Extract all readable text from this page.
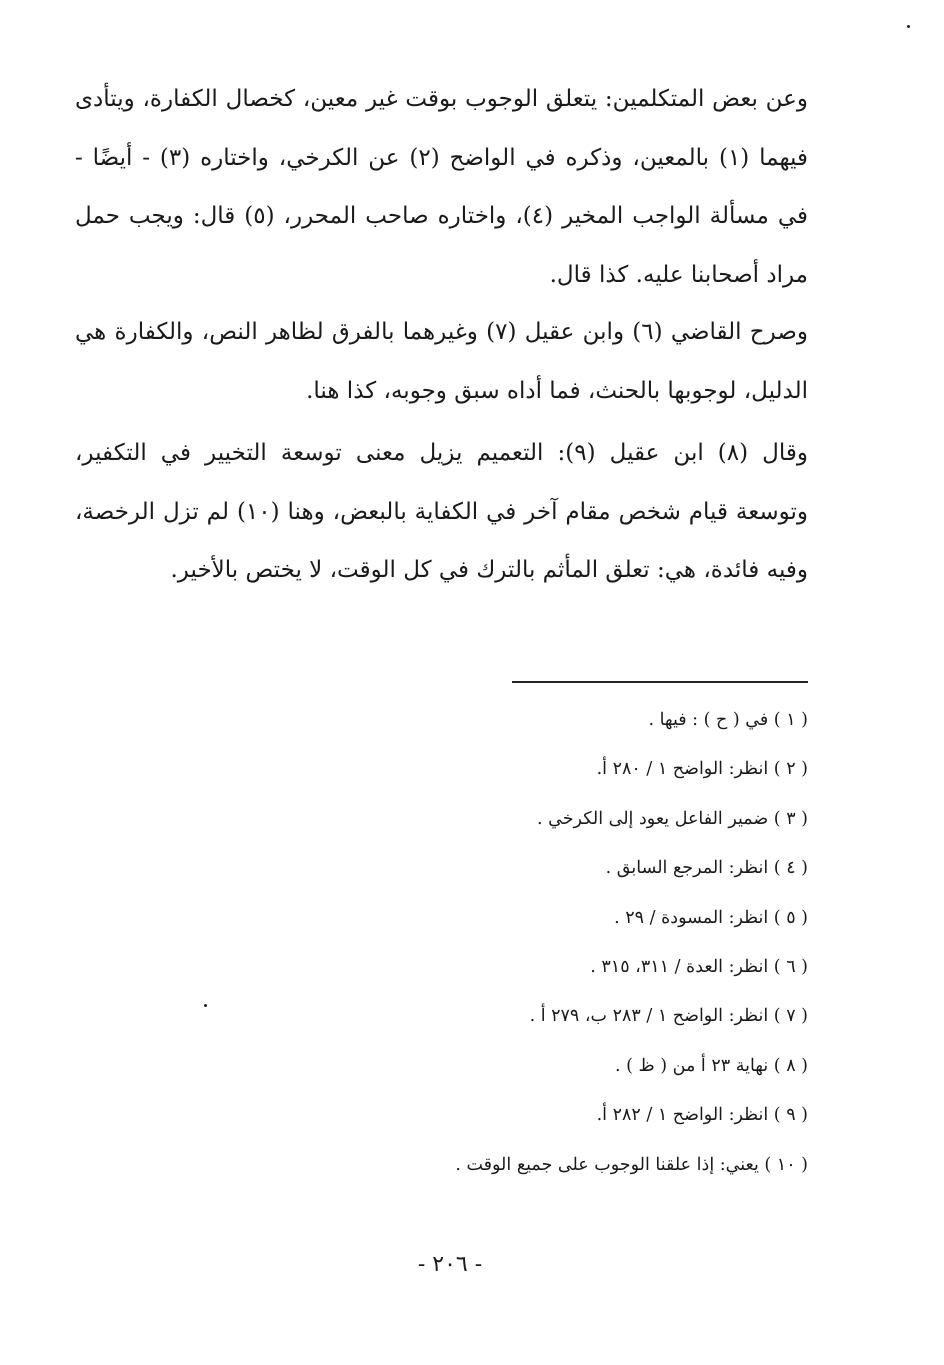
وعن بعض المتكلمين: يتعلق الوجوب بوقت غير معين، كخصال الكفارة، ويتأدى فيهما (١) بالمعين، وذكره في الواضح (٢) عن الكرخي، واختاره (٣) - أيضًا - في مسألة الواجب المخير (٤)، واختاره صاحب المحرر، (٥) قال: ويجب حمل مراد أصحابنا عليه. كذا قال.

وصرح القاضي (٦) وابن عقيل (٧) وغيرهما بالفرق لظاهر النص، والكفارة هي الدليل، لوجوبها بالحنث، فما أداه سبق وجوبه، كذا هنا.

وقال (٨) ابن عقيل (٩): التعميم يزيل معنى توسعة التخيير في التكفير، وتوسعة قيام شخص مقام آخر في الكفاية بالبعض، وهنا (١٠) لم تزل الرخصة، وفيه فائدة، هي: تعلق المأثم بالترك في كل الوقت، لا يختص بالأخير.

( ١ ) في ( ح ) : فيها .
( ٢ ) انظر: الواضح ١ / ٢٨٠ أ.
( ٣ ) ضمير الفاعل يعود إلى الكرخي .
( ٤ ) انظر: المرجع السابق .
( ٥ ) انظر: المسودة / ٢٩ .
( ٦ ) انظر: العدة / ٣١١، ٣١٥ .
( ٧ ) انظر: الواضح ١ / ٢٨٣ ب، ٢٧٩ أ .
( ٨ ) نهاية ٢٣ أ من ( ظ ) .
( ٩ ) انظر: الواضح ١ / ٢٨٢ أ.
( ١٠ ) يعني: إذا علقنا الوجوب على جميع الوقت .
- ٢٠٦ -
